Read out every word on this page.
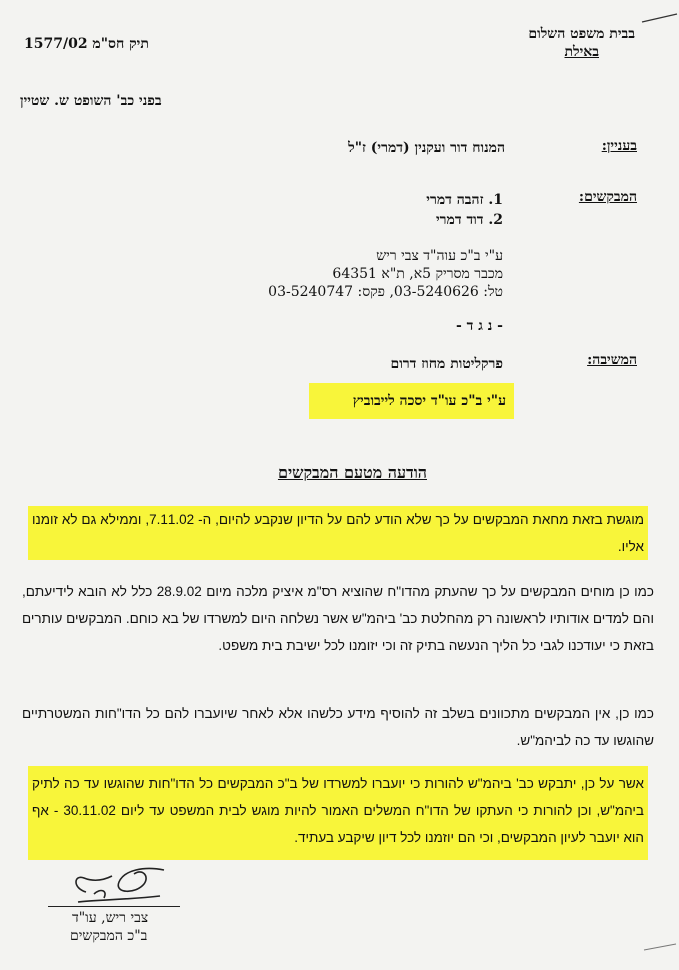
בבית משפט השלום
באילת
תיק חס"מ 1577/02
בפני כב' השופט ש. שטיין
בעניין:
המנוח דור ועקנין (דמרי) ז"ל
המבקשים:
1. זהבה דמרי
2. דוד דמרי
ע"י ב"כ עוה"ד צבי ריש
מכבר מסריק 5א, ת"א 64351
טל: 03-5240626, פקס: 03-5240747
- נ ג ד -
המשיבה:
פרקליטות מחוז דרום
ע"י ב"כ עו"ד יסכה לייבוביץ
הודעה מטעם המבקשים
מוגשת בזאת מחאת המבקשים על כך שלא הודע להם על הדיון שנקבע להיום, ה- 7.11.02, וממילא גם לא זומנו אליו.
כמו כן מוחים המבקשים על כך שהעתק מהדו"ח שהוציא רס"מ איציק מלכה מיום 28.9.02 כלל לא הובא לידיעתם, והם למדים אודותיו לראשונה רק מהחלטת כב' ביהמ"ש אשר נשלחה היום למשרדו של בא כוחם. המבקשים עותרים בזאת כי יעודכנו לגבי כל הליך הנעשה בתיק זה וכי יזומנו לכל ישיבת בית משפט.
כמו כן, אין המבקשים מתכוונים בשלב זה להוסיף מידע כלשהו אלא לאחר שיועברו להם כל הדו"חות המשטרתיים שהוגשו עד כה לביהמ"ש.
אשר על כן, יתבקש כב' ביהמ"ש להורות כי יועברו למשרדו של ב"כ המבקשים כל הדו"חות שהוגשו עד כה לתיק ביהמ"ש, וכן להורות כי העתקו של הדו"ח המשלים האמור להיות מוגש לבית המשפט עד ליום 30.11.02 - אף הוא יועבר לעיון המבקשים, וכי הם יוזמנו לכל דיון שיקבע בעתיד.
צבי ריש, עו"ד
ב"כ המבקשים
